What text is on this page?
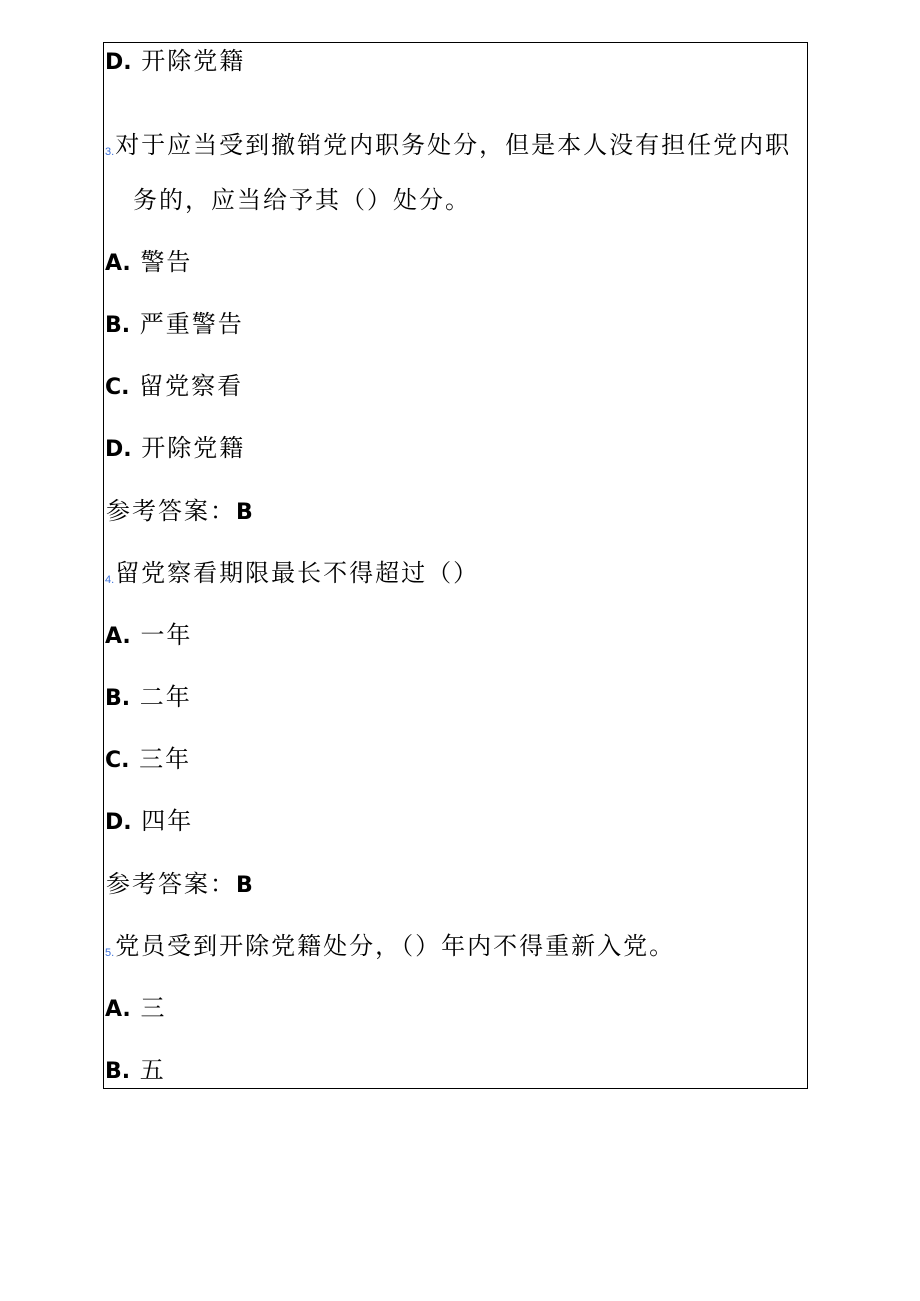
D. 开除党籍
3.对于应当受到撤销党内职务处分，但是本人没有担任党内职
务的，应当给予其（）处分。
A. 警告
B. 严重警告
C. 留党察看
D. 开除党籍
参考答案：B
4.留党察看期限最长不得超过（）
A. 一年
B. 二年
C. 三年
D. 四年
参考答案：B
5.党员受到开除党籍处分，（）年内不得重新入党。
A. 三
B. 五
